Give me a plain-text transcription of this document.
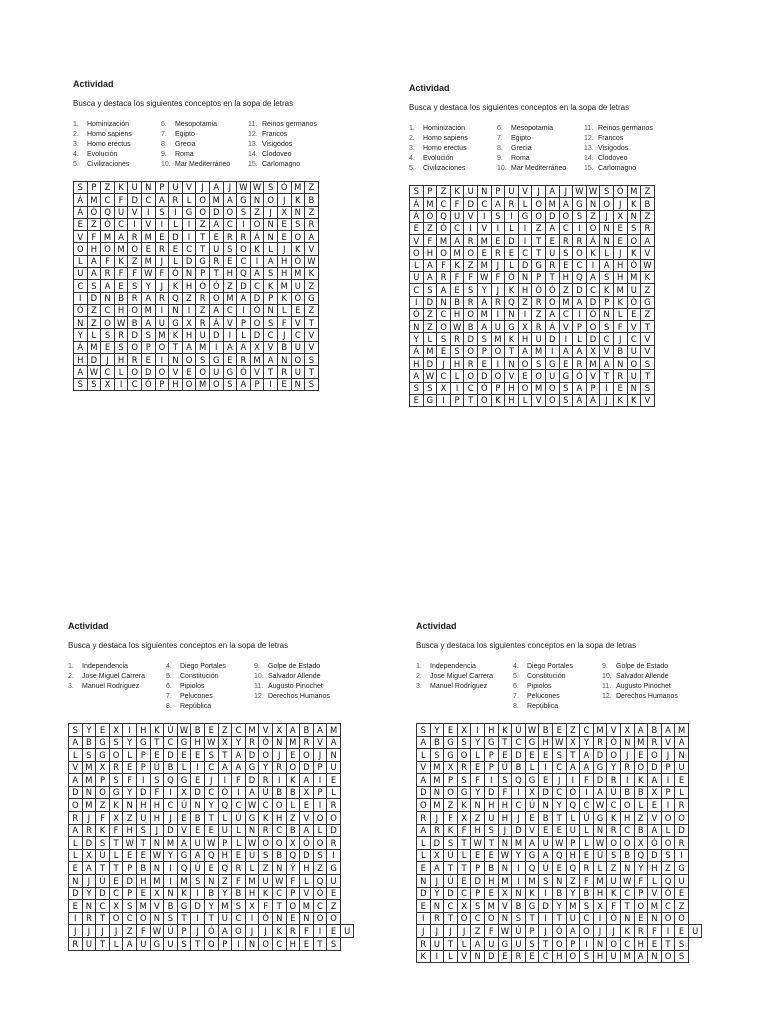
Actividad
Busca y destaca los siguientes conceptos en la sopa de letras
1.	Hominización
2.	Homo sapiens
3.	Homo erectus
4.	Evolución
5.	Civilizaciones
6.	Mesopotamia
7.	Egipto
8.	Grecia
9.	Roma
10. Mar Mediterráneo
11. Reinos germanos
12. Francos
13. Visigodos
14. Clodoveo
15. Carlomagno
S	P	Z	K	U	N	P	U	V	J	A	J	W	W	S	Ó	M	Z
Á	M	C	F	D	C	A	R	L	O	M	A	G	N	O	J	K	B
Á	Ó	Q	U	V	I	S	I	G	O	D	O	S	Z	J	X	N	Z
E	Z	Ó	C	I	V	I	L	I	Z	A	C	I	O	N	E	S	R
V	F	M	A	R	M	E	D	I	T	E	R	R	Á	N	E	O	A
O	H	O	M	O	E	R	E	C	T	U	S	O	K	L	J	K	V
L	A	F	K	Z	M	J	L	D	G	R	E	C	I	A	H	Ó	W
U	A	R	F	F	W	F	Ó	N	P	T	H	Q	A	S	H	M	K
C	S	A	E	S	Y	J	K	H	Ó	Ó	Z	D	C	K	M	U	Z
I	D	N	B	R	A	R	Q	Z	R	O	M	A	D	P	K	Ó	G
Ó	Z	C	H	O	M	I	N	I	Z	A	C	I	Ó	N	L	E	Z
N	Z	O	W	B	A	U	G	X	R	Á	V	P	O	S	F	V	T
Y	L	S	R	D	S	M	K	H	U	D	I	L	D	C	J	C	V
Á	M	E	S	O	P	O	T	A	M	I	A	A	X	V	B	U	V
H	D	J	H	R	E	I	N	O	S	G	E	R	M	A	N	O	S
A	W	C	L	O	D	O	V	E	O	U	G	Ó	V	T	R	U	T
S	S	X	I	C	Ó	P	H	O	M	O	S	A	P	I	E	N	S
Actividad
Busca y destaca los siguientes conceptos en la sopa de letras
1.	Hominización
2.	Homo sapiens
3.	Homo erectus
4.	Evolución
5.	Civilizaciones
6.	Mesopotamia
7.	Egipto
8.	Grecia
9.	Roma
10. Mar Mediterráneo
11. Reinos germanos
12. Francos
13. Visigodos
14. Clodoveo
15. Carlomagno
S	P	Z	K	U	N	P	U	V	J	A	J	W	W	S	Ó	M	Z
Á	M	C	F	D	C	A	R	L	O	M	A	G	N	O	J	K	B
Á	Ó	Q	U	V	I	S	I	G	O	D	O	S	Z	J	X	N	Z
E	Z	Ó	C	I	V	I	L	I	Z	A	C	I	O	N	E	S	R
V	F	M	A	R	M	E	D	I	T	E	R	R	Á	N	E	O	A
O	H	O	M	O	E	R	E	C	T	U	S	O	K	L	J	K	V
L	A	F	K	Z	M	J	L	D	G	R	E	C	I	A	H	Ó	W
U	A	R	F	F	W	F	Ó	N	P	T	H	Q	A	S	H	M	K
C	S	A	E	S	Y	J	K	H	Ó	Ó	Z	D	C	K	M	U	Z
I	D	N	B	R	A	R	Q	Z	R	O	M	A	D	P	K	Ó	G
Ó	Z	C	H	O	M	I	N	I	Z	A	C	I	Ó	N	L	E	Z
N	Z	O	W	B	A	U	G	X	R	Á	V	P	O	S	F	V	T
Y	L	S	R	D	S	M	K	H	U	D	I	L	D	C	J	C	V
Á	M	E	S	O	P	O	T	A	M	I	A	A	X	V	B	U	V
H	D	J	H	R	E	I	N	O	S	G	E	R	M	A	N	O	S
A	W	C	L	O	D	O	V	E	O	U	G	Ó	V	T	R	U	T
S	S	X	I	C	Ó	P	H	O	M	O	S	A	P	I	E	N	S
E	G	I	P	T	O	K	H	L	V	O	S	Á	Á	J	K	K	V
Actividad
Busca y destaca los siguientes conceptos en la sopa de letras
1.	Independencia
2.	Jose Miguel Carrera
3.	Manuel Rodríguez
4.	Diego Portales
5.	Constitución
6.	Pipiolos
7.	Pelucones
8.	República
9.	Golpe de Estado
10. Salvador Allende
11. Augusto Pinochet
12. Derechos Humanos
S	Y	E	X	I	H	K	Ú	W	B	E	Z	C	M	V	X	A	B	A	M	
A	B	G	S	Y	G	T	C	G	H	W	X	Y	R	Ó	N	M	R	V	A	
L	S	G	O	L	P	E	D	E	E	S	T	A	D	O	J	E	O	J	N	
V	M	X	R	E	P	Ú	B	L	I	C	A	A	G	Y	R	O	D	P	U	
A	M	P	S	F	I	S	Q	G	E	J	I	F	D	R	I	K	A	I	E	
D	N	O	G	Y	D	F	I	X	D	C	Ó	I	A	Ú	B	B	X	P	L	
O	M	Z	K	N	H	H	C	Ú	N	Y	Q	C	W	C	O	L	E	I	R	
R	J	F	X	Z	U	H	J	E	B	T	L	Ú	G	K	H	Z	V	O	O	
A	R	K	F	H	S	J	D	V	E	E	U	L	N	R	C	B	A	L	D	
L	D	S	T	W	T	N	M	A	U	W	P	L	W	O	O	X	Ó	O	R	
L	X	Ú	L	E	E	W	Y	G	A	Q	H	E	Ú	S	B	Q	D	S	I	
E	A	T	T	P	B	N	I	Q	Ú	E	Q	R	L	Z	N	Ý	H	Z	G	
N	J	Ú	E	D	H	M	I	M	S	N	Z	F	M	U	W	F	L	Q	U	
D	Ý	D	C	P	E	X	N	K	I	B	Y	B	H	K	C	P	V	Ó	E	
E	N	C	X	S	M	V	B	G	D	Y	M	S	X	F	T	O	M	C	Z	
I	R	T	O	C	O	N	S	T	I	T	U	C	I	Ó	N	E	N	O	O	
J	J	J	J	Z	F	W	Ú	P	J	Ó	A	O	J	J	K	R	F	I	E	U
R	U	T	L	A	U	G	U	S	T	O	P	I	N	O	C	H	E	T	S	
Actividad
Busca y destaca los siguientes conceptos en la sopa de letras
1.	Independencia
2.	Jose Miguel Carrera
3.	Manuel Rodríguez
4.	Diego Portales
5.	Constitución
6.	Pipiolos
7.	Pelucones
8.	República
9.	Golpe de Estado
10. Salvador Allende
11. Augusto Pinochet
12. Derechos Humanos
S	Y	E	X	I	H	K	Ú	W	B	E	Z	C	M	V	X	A	B	A	M	
A	B	G	S	Y	G	T	C	G	H	W	X	Y	R	Ó	N	M	R	V	A	
L	S	G	O	L	P	E	D	E	E	S	T	A	D	O	J	E	O	J	N	
V	M	X	R	E	P	Ú	B	L	I	C	A	A	G	Y	R	O	D	P	U	
A	M	P	S	F	I	S	Q	G	E	J	I	F	D	R	I	K	A	I	E	
D	N	O	G	Y	D	F	I	X	D	C	Ó	I	A	Ú	B	B	X	P	L	
O	M	Z	K	N	H	H	C	Ú	N	Y	Q	C	W	C	O	L	E	I	R	
R	J	F	X	Z	U	H	J	E	B	T	L	Ú	G	K	H	Z	V	O	O	
A	R	K	F	H	S	J	D	V	E	E	U	L	N	R	C	B	A	L	D	
L	D	S	T	W	T	N	M	A	U	W	P	L	W	O	O	X	Ó	O	R	
L	X	Ú	L	E	E	W	Y	G	A	Q	H	E	Ú	S	B	Q	D	S	I	
E	A	T	T	P	B	N	I	Q	Ú	E	Q	R	L	Z	N	Ý	H	Z	G	
N	J	Ú	E	D	H	M	I	M	S	N	Z	F	M	U	W	F	L	Q	U	
D	Ý	D	C	P	E	X	N	K	I	B	Y	B	H	K	C	P	V	Ó	E	
E	N	C	X	S	M	V	B	G	D	Y	M	S	X	F	T	O	M	C	Z	
I	R	T	O	C	O	N	S	T	I	T	U	C	I	Ó	N	E	N	O	O	
J	J	J	J	Z	F	W	Ú	P	J	Ó	A	O	J	J	K	R	F	I	E	U
R	U	T	L	A	U	G	U	S	T	O	P	I	N	O	C	H	E	T	S	
K	I	L	V	N	D	E	R	E	C	H	O	S	H	U	M	A	N	O	S	
